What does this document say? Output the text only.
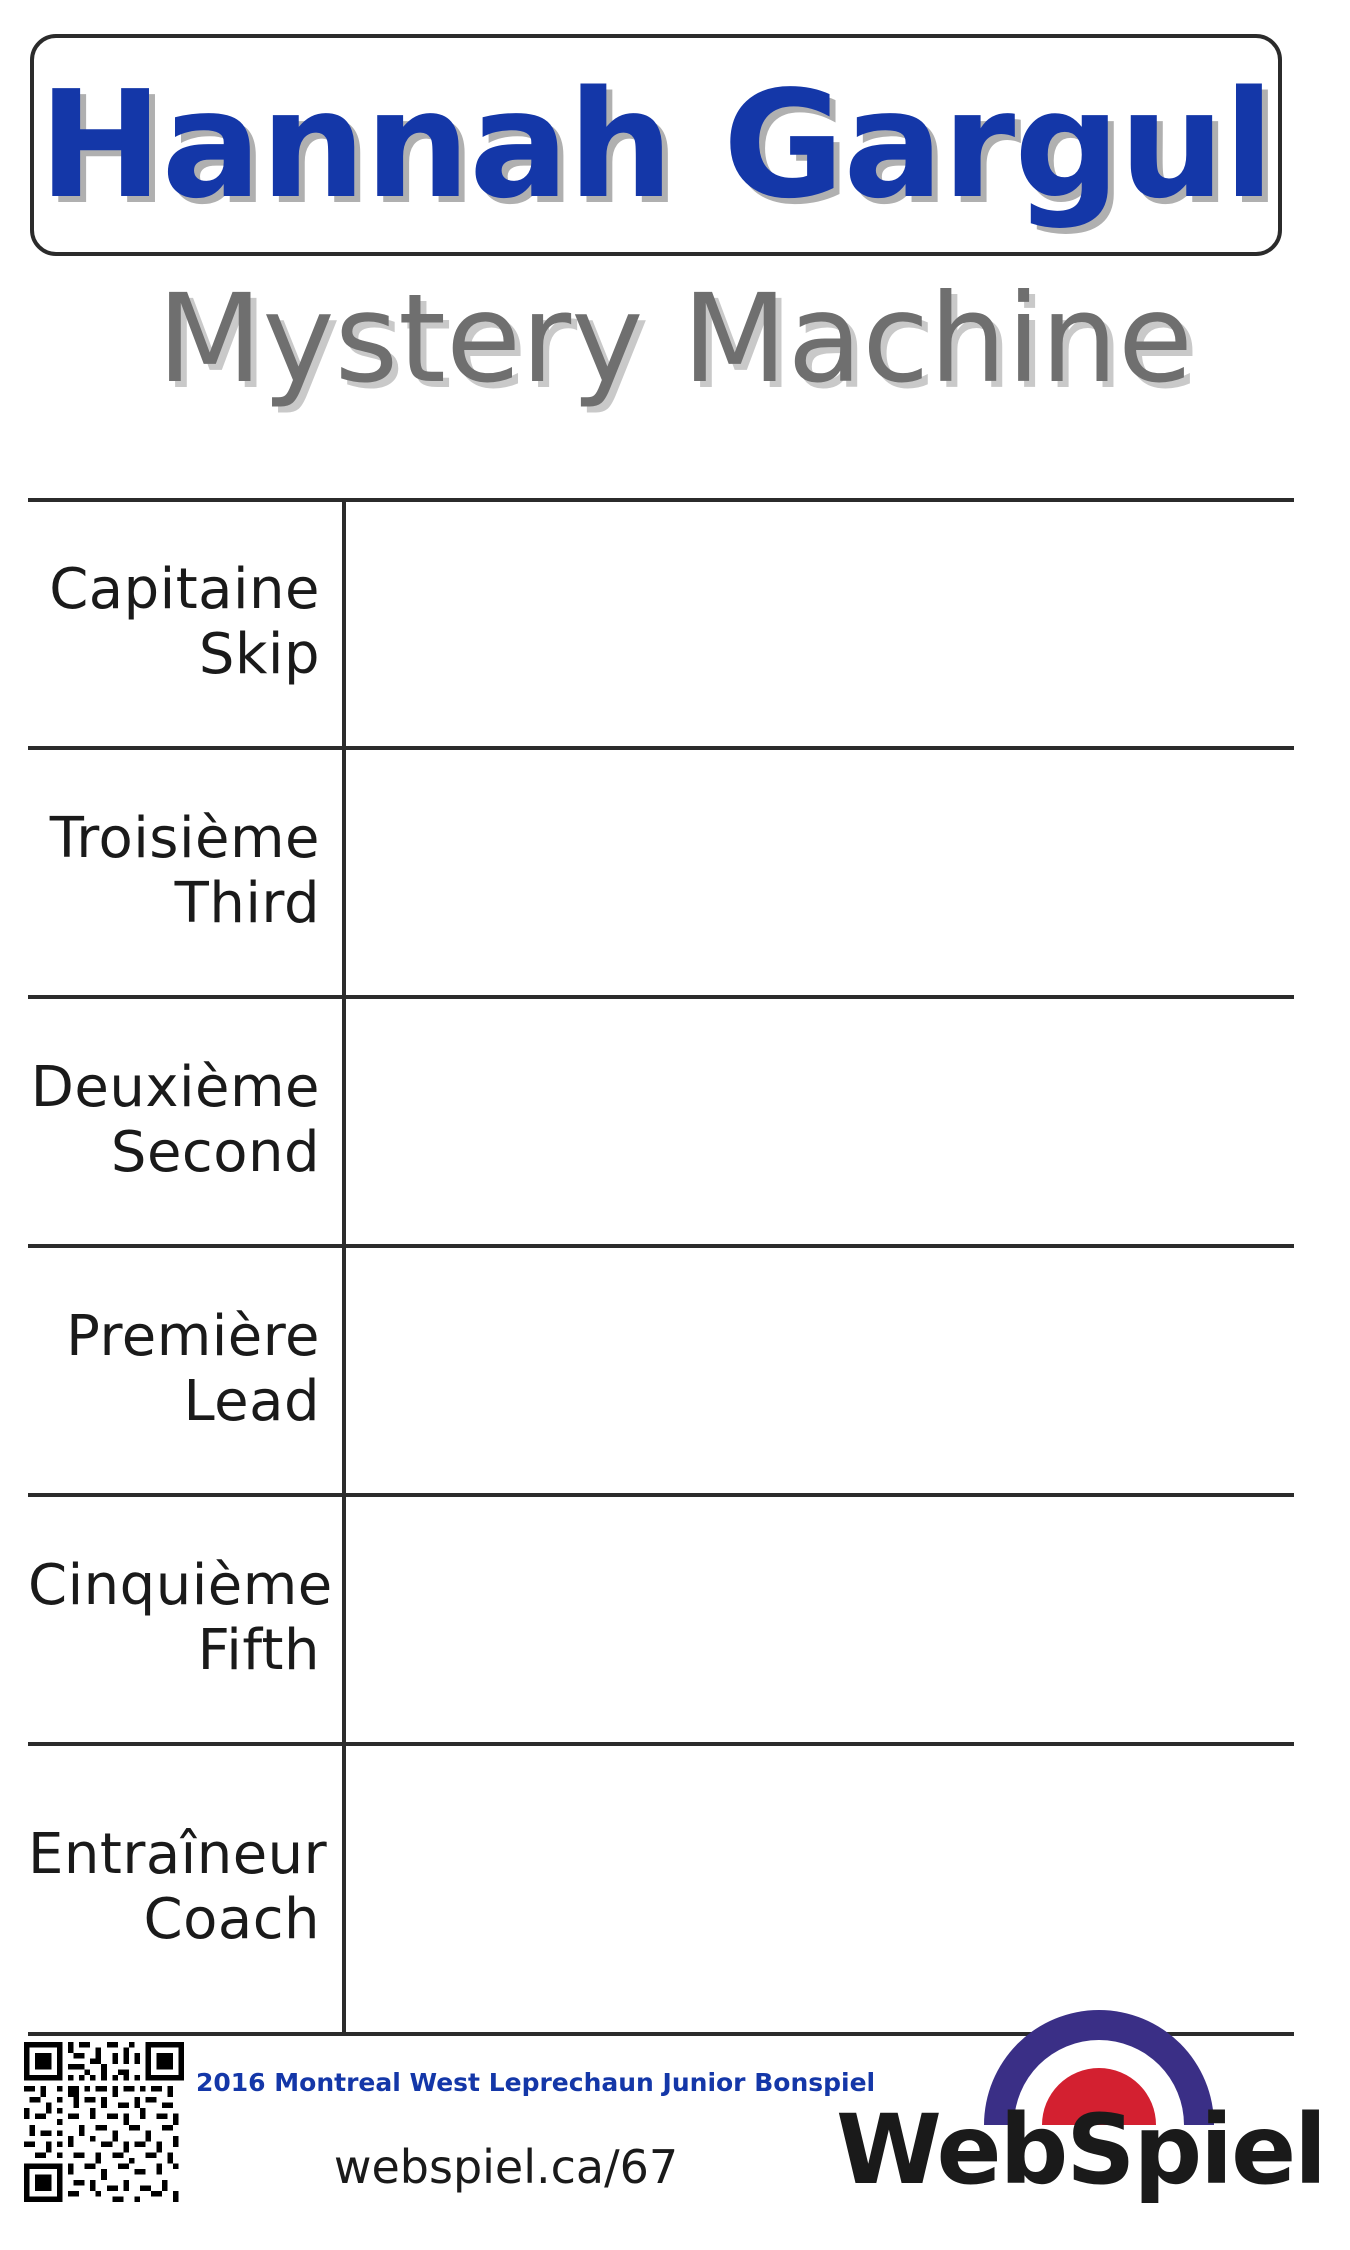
Hannah Gargul
Mystery Machine
Capitaine
Skip	

Troisième
Third	

Deuxième
Second	

Première
Lead	

Cinquième
Fifth	

Entraîneur
Coach	

2016 Montreal West Leprechaun Junior Bonspiel
webspiel.ca/67	WebSpiel
